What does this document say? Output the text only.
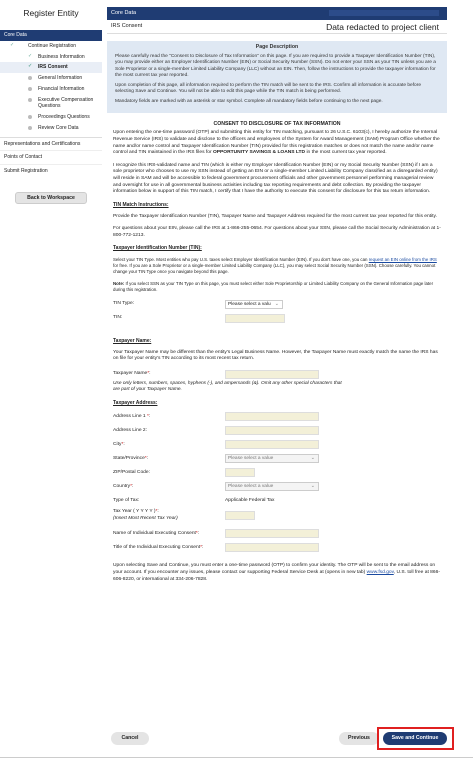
Register Entity
Core Data
✓	Continue Registration
✓ Business Information
✓ IRS Consent
General Information
Financial Information
Executive Compensation Questions
Proceedings Questions
Review Core Data
Representations and Certifications
Points of Contact
Submit Registration
Back to Workspace
Core Data
IRS Consent	Data redacted to project client
Page Description

Please carefully read the "Consent to Disclosure of Tax Information" on this page. If you are required to provide a Taxpayer Identification Number (TIN), you may provide either an Employer Identification Number (EIN) or Social Security Number (SSN). Do not enter your SSN as your TIN unless you are a Sole Proprietor or a single-member Limited Liability Company (LLC) without an EIN. Then, follow the instructions to provide the taxpayer information for the most current tax year reported.

Upon completion of this page, all information required to perform the TIN match will be sent to the IRS. Confirm all information is accurate before selecting Save and Continue. You will not be able to edit this page while the TIN match is being performed.

Mandatory fields are marked with an asterisk or star symbol. Complete all mandatory fields before continuing to the next page.

CONSENT TO DISCLOSURE OF TAX INFORMATION

Upon entering the one-time password (OTP) and submitting this entity for TIN matching, pursuant to 26 U.S.C. 6103(c), I hereby authorize the Internal Revenue Service (IRS) to validate and disclose to the officers and employees of the System for Award Management (SAM) Program Office whether the name and/or name control and Taxpayer Identification Number (TIN) provided for this registration matches or does not match the name and/or name control and TIN maintained in the IRS files for OPPORTUNITY SAVINGS & LOANS LTD in the most current tax year reported.

I recognize this IRS-validated name and TIN (which is either my Employer Identification Number (EIN) or my Social Security Number (SSN) if I am a sole proprietor who chooses to use my SSN instead of getting an EIN or a single-member Limited Liability Company classified as a disregarded entity) will reside in SAM and will be accessible to federal government procurement officials and other government personnel performing managerial review and oversight for use in all governmental business activities including tax reporting requirements and debt collection. By providing the taxpayer information below in support of this TIN match, I certify that I have the authority to execute this consent for disclosure for this tax return information.

TIN Match Instructions:

Provide the Taxpayer Identification Number (TIN), Taxpayer Name and Taxpayer Address required for the most current tax year reported for this entity.

For questions about your EIN, please call the IRS at 1-866-255-0654. For questions about your SSN, please call the Social Security Administration at 1-800-772-1213.

Taxpayer Identification Number (TIN):

Select your TIN Type. Most entities who pay U.S. taxes select Employer Identification Number (EIN). If you don't have one, you can request an EIN online from the IRS for free. If you are a Sole Proprietor or a single-member Limited Liability Company (LLC), you may select Social Security Number (SSN). Choose carefully. You cannot change your TIN Type once you navigate beyond this page.

Note: If you select SSN as your TIN Type on this page, you must select either Sole Proprietorship or Limited Liability Company on the General Information page later during this registration.

TIN Type:	Please select a valu ⌄
TIN:
Taxpayer Name:

Your Taxpayer Name may be different than the entity's Legal Business Name. However, the Taxpayer Name must exactly match the name the IRS has on file for your entity's TIN according to its most recent tax return.

Taxpayer Name*:
Use only letters, numbers, spaces, hyphens (-), and ampersands (&). Omit any other special characters that are part of your Taxpayer Name.
Taxpayer Address:
Address Line 1 *:
Address Line 2:
City*:
State/Province*:	Please select a value	⌄
ZIP/Postal Code:
Country*:	Please select a value	⌄
Type of Tax:	Applicable Federal Tax
Tax Year ( Y Y Y Y )*:
(Insert Most Recent Tax Year)
Name of Individual Executing Consent*:
Title of the Individual Executing Consent*:

Upon selecting Save and Continue, you must enter a one-time password (OTP) to confirm your identity. The OTP will be sent to the email address on your account. If you encounter any issues, please contact our supporting Federal Service Desk at (opens in new tab) www.fsd.gov, U.S. toll free at 866-606-8220, or international at 334-206-7828.

Cancel	Previous	Save and Continue
